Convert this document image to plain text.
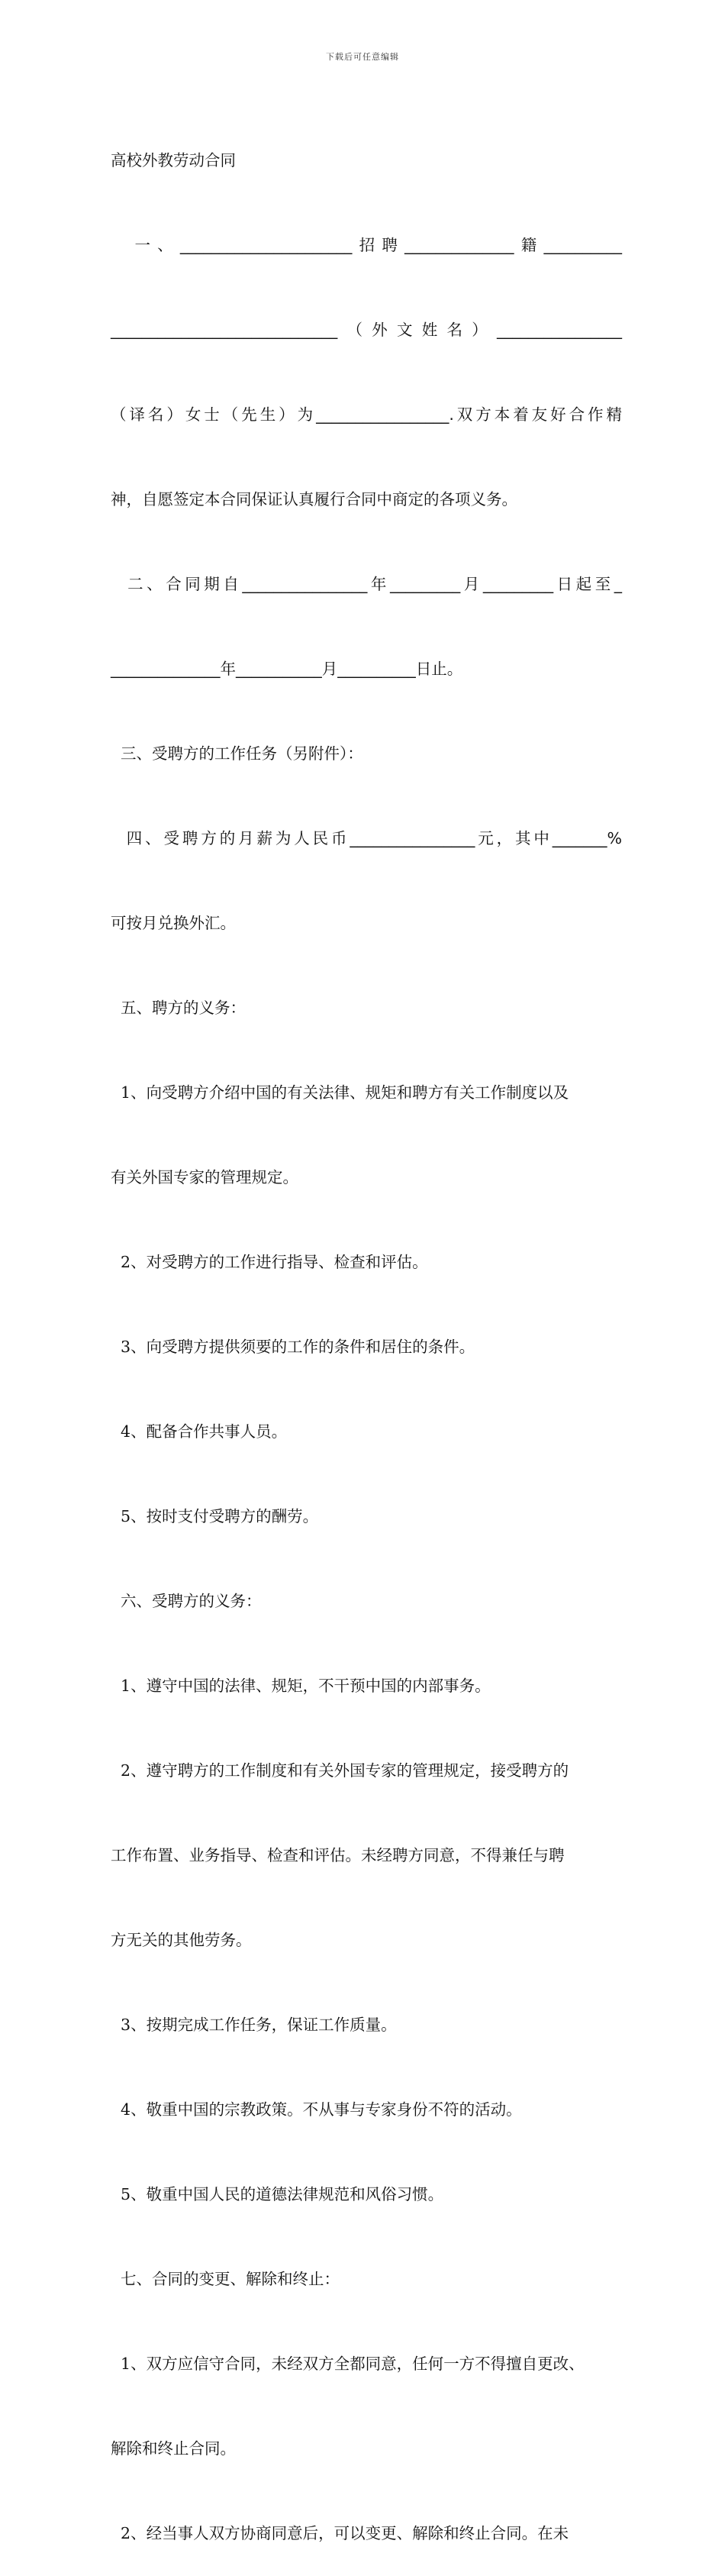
下载后可任意编辑

高校外教劳动合同

一、______________________招聘______________籍__________

_____________________________（外文姓名）________________

（译名）女士（先生）为_________________.双方本着友好合作精

神，自愿签定本合同保证认真履行合同中商定的各项义务。

二、合同期自________________年_________月_________日起至_

______________年___________月__________日止。

三、受聘方的工作任务（另附件）：

四、受聘方的月薪为人民币________________元，其中_______%

可按月兑换外汇。

五、聘方的义务：

1、向受聘方介绍中国的有关法律、规矩和聘方有关工作制度以及

有关外国专家的管理规定。

2、对受聘方的工作进行指导、检查和评估。

3、向受聘方提供须要的工作的条件和居住的条件。

4、配备合作共事人员。

5、按时支付受聘方的酬劳。

六、受聘方的义务：

1、遵守中国的法律、规矩，不干预中国的内部事务。

2、遵守聘方的工作制度和有关外国专家的管理规定，接受聘方的

工作布置、业务指导、检查和评估。未经聘方同意，不得兼任与聘

方无关的其他劳务。

3、按期完成工作任务，保证工作质量。

4、敬重中国的宗教政策。不从事与专家身份不符的活动。

5、敬重中国人民的道德法律规范和风俗习惯。

七、合同的变更、解除和终止：

1、双方应信守合同，未经双方全都同意，任何一方不得擅自更改、

解除和终止合同。

2、经当事人双方协商同意后，可以变更、解除和终止合同。在未
